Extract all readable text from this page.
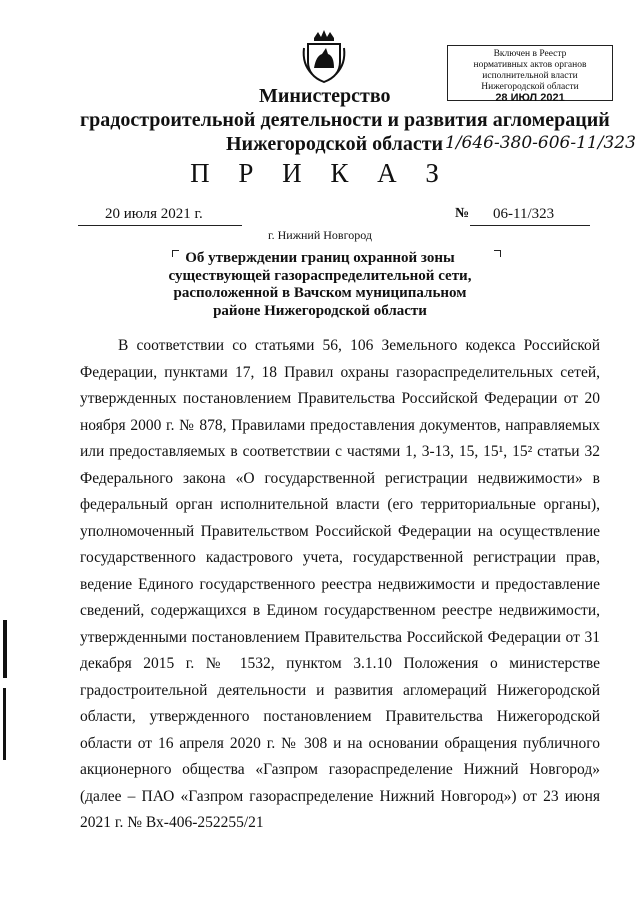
Включен в Реестр
нормативных актов органов
исполнительной власти
Нижегородской области
28 ИЮЛ 2021
Министерство
градостроительной деятельности и развития агломераций
Нижегородской области 1/646-380-606-11/323
П Р И К А З
20 июля 2021 г.	№ 06-11/323
г. Нижний Новгород
Об утверждении границ охранной зоны существующей газораспределительной сети, расположенной в Вачском муниципальном районе Нижегородской области

В соответствии со статьями 56, 106 Земельного кодекса Российской Федерации, пунктами 17, 18 Правил охраны газораспределительных сетей, утвержденных постановлением Правительства Российской Федерации от 20 ноября 2000 г. № 878, Правилами предоставления документов, направляемых или предоставляемых в соответствии с частями 1, 3-13, 15, 15¹, 15² статьи 32 Федерального закона «О государственной регистрации недвижимости» в федеральный орган исполнительной власти (его территориальные органы), уполномоченный Правительством Российской Федерации на осуществление государственного кадастрового учета, государственной регистрации прав, ведение Единого государственного реестра недвижимости и предоставление сведений, содержащихся в Едином государственном реестре недвижимости, утвержденными постановлением Правительства Российской Федерации от 31 декабря 2015 г. № 1532, пунктом 3.1.10 Положения о министерстве градостроительной деятельности и развития агломераций Нижегородской области, утвержденного постановлением Правительства Нижегородской области от 16 апреля 2020 г. № 308 и на основании обращения публичного акционерного общества «Газпром газораспределение Нижний Новгород» (далее – ПАО «Газпром газораспределение Нижний Новгород») от 23 июня 2021 г. № Вх-406-252255/21
